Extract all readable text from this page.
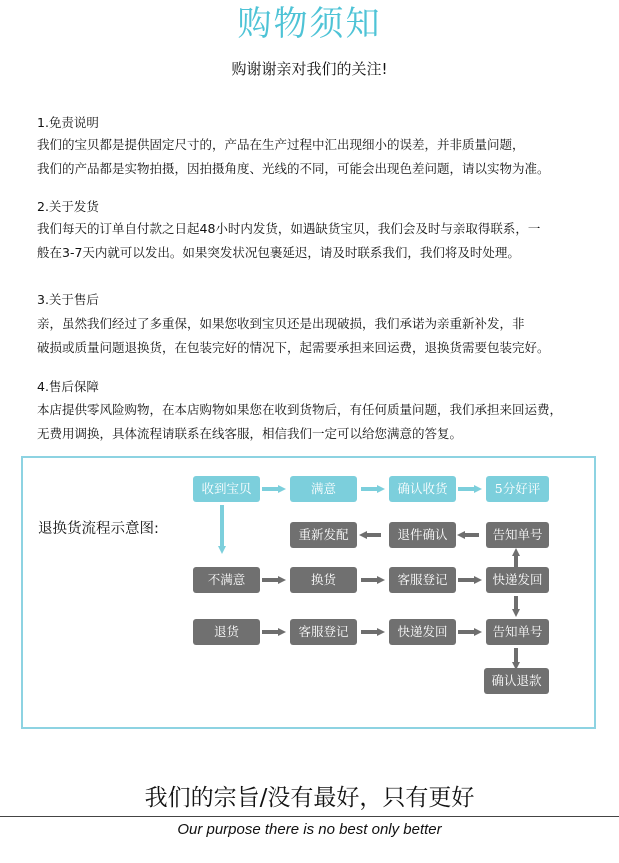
购物须知
购谢谢亲对我们的关注!
1.免责说明
我们的宝贝都是提供固定尺寸的，产品在生产过程中汇出现细小的误差，并非质量问题，
我们的产品都是实物拍摄，因拍摄角度、光线的不同，可能会出现色差问题，请以实物为准。
2.关于发货
我们每天的订单自付款之日起48小时内发货，如遇缺货宝贝，我们会及时与亲取得联系，一
般在3-7天内就可以发出。如果突发状况包裹延迟，请及时联系我们，我们将及时处理。
3.关于售后
亲，虽然我们经过了多重保，如果您收到宝贝还是出现破损，我们承诺为亲重新补发，非
破损或质量问题退换货，在包装完好的情况下，起需要承担来回运费，退换货需要包装完好。
4.售后保障
本店提供零风险购物，在本店购物如果您在收到货物后，有任何质量问题，我们承担来回运费，
无费用调换，具体流程请联系在线客服，相信我们一定可以给您满意的答复。
退换货流程示意图:
收到宝贝	满意	确认收货	5分好评
重新发配	退件确认	告知单号
不满意	换货	客服登记	快递发回
退货	客服登记	快递发回	告知单号
确认退款
我们的宗旨/没有最好，只有更好
Our purpose there is no best only better
